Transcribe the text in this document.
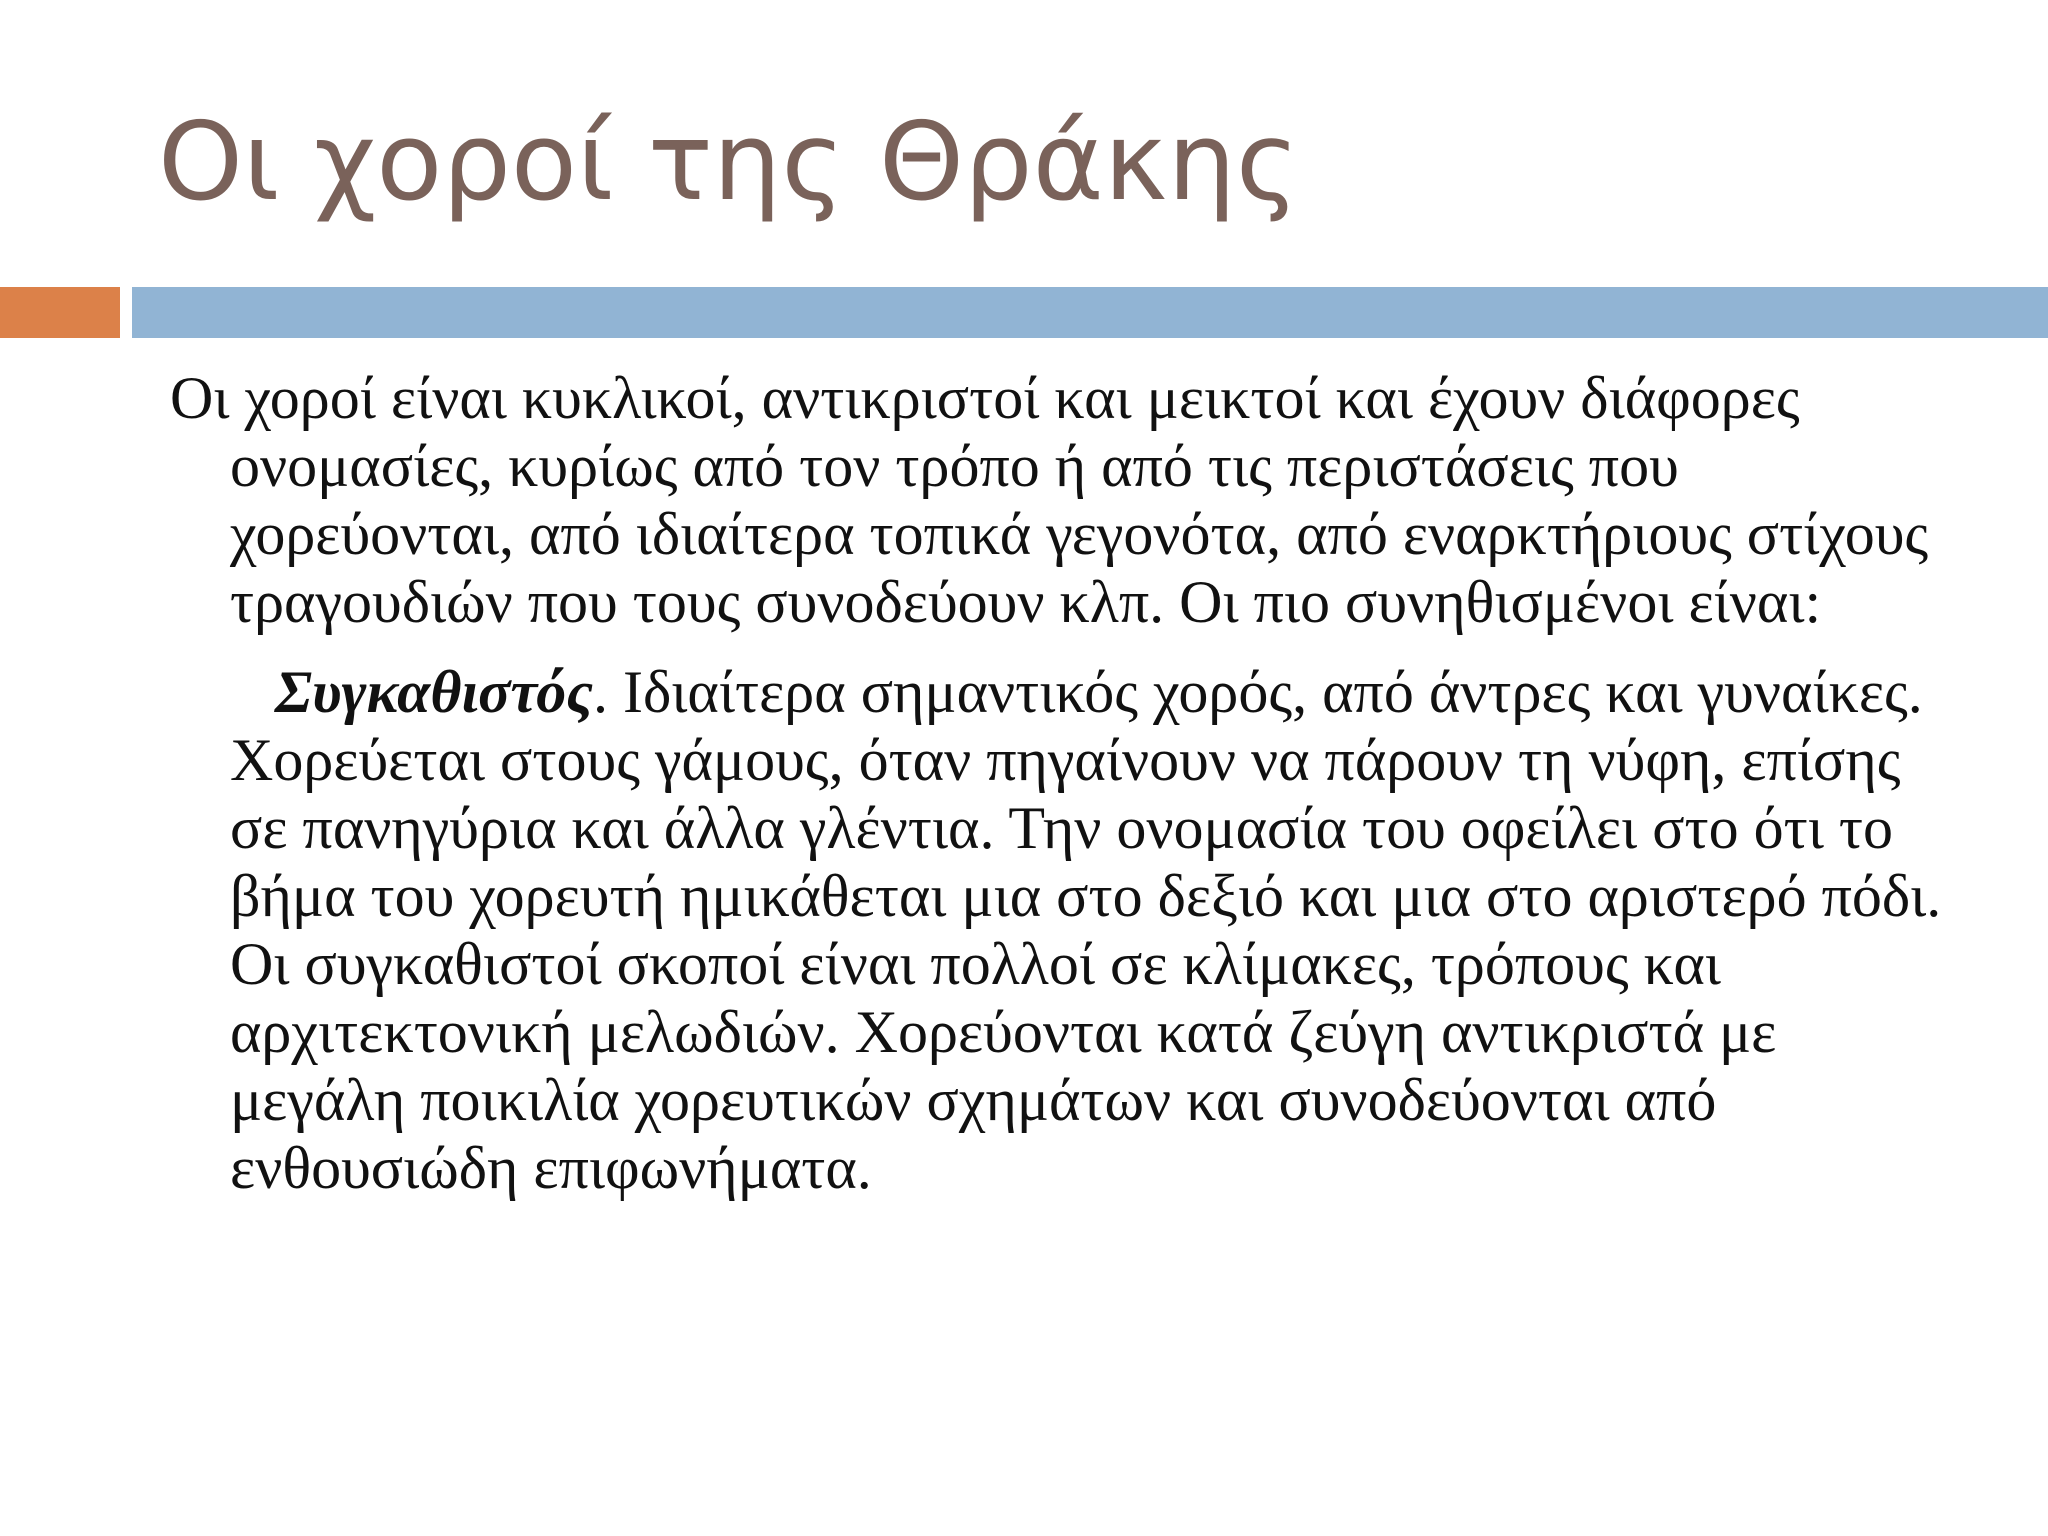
Οι χοροί της Θράκης

Οι χοροί είναι κυκλικοί, αντικριστοί και μεικτοί και έχουν διάφορες ονομασίες, κυρίως από τον τρόπο ή από τις περιστάσεις που χορεύονται, από ιδιαίτερα τοπικά γεγονότα, από εναρκτήριους στίχους τραγουδιών που τους συνοδεύουν κλπ. Οι πιο συνηθισμένοι είναι:

Συγκαθιστός. Ιδιαίτερα σημαντικός χορός, από άντρες και γυναίκες. Χορεύεται στους γάμους, όταν πηγαίνουν να πάρουν τη νύφη, επίσης σε πανηγύρια και άλλα γλέντια. Την ονομασία του οφείλει στο ότι το βήμα του χορευτή ημικάθεται μια στο δεξιό και μια στο αριστερό πόδι. Οι συγκαθιστοί σκοποί είναι πολλοί σε κλίμακες, τρόπους και αρχιτεκτονική μελωδιών. Χορεύονται κατά ζεύγη αντικριστά με μεγάλη ποικιλία χορευτικών σχημάτων και συνοδεύονται από ενθουσιώδη επιφωνήματα.
